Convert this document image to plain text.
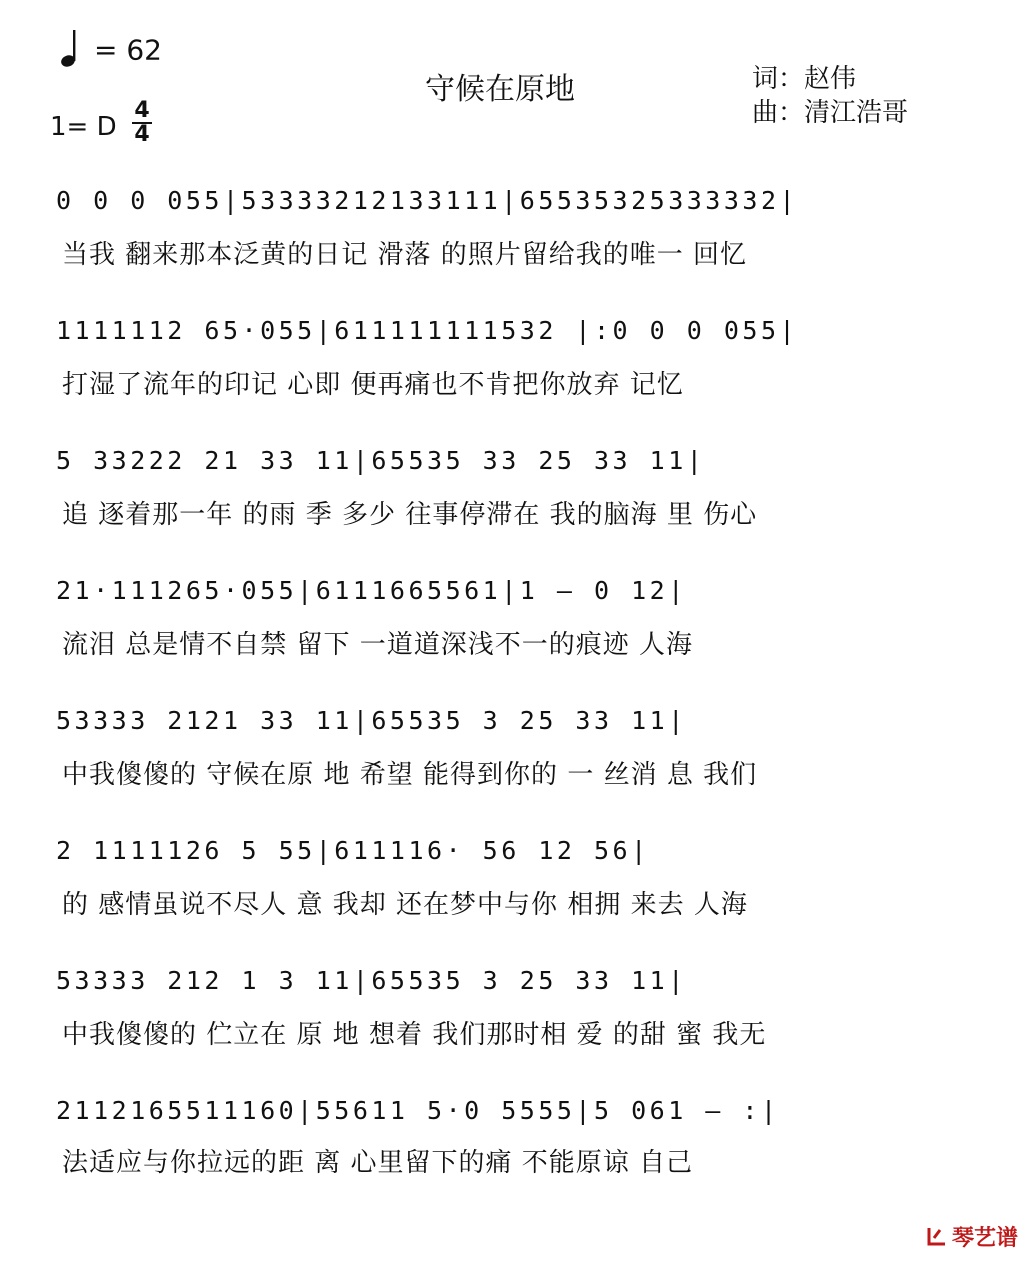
= 62
1= D
4
4
守候在原地	词：赵伟
曲：清江浩哥
0 0 0 055|53333212133111|65535325333332|
当我 翻来那本泛黄的日记 滑落 的照片留给我的唯一 回忆
1111112 65·055|611111111532 |:0 0 0 055|
打湿了流年的印记 心即 便再痛也不肯把你放弃 记忆
5 33222 21 33 11|65535 33 25 33 11|
追 逐着那一年 的雨 季 多少 往事停滞在 我的脑海 里 伤心
21·111265·055|6111665561|1 — 0 12|
流泪 总是情不自禁 留下 一道道深浅不一的痕迹 人海
53333 2121 33 11|65535 3 25 33 11|
中我傻傻的 守候在原 地 希望 能得到你的 一 丝消 息 我们
2 1111126 5 55|611116· 56 12 56|
的 感情虽说不尽人 意 我却 还在梦中与你 相拥 来去 人海
53333 212 1 3 11|65535 3 25 33 11|
中我傻傻的 伫立在 原 地 想着 我们那时相 爱 的甜 蜜 我无
2112165511160|55611 5·0 5555|5 061 — :|
法适应与你拉远的距 离 心里留下的痛 不能原谅 自己
琴艺谱
